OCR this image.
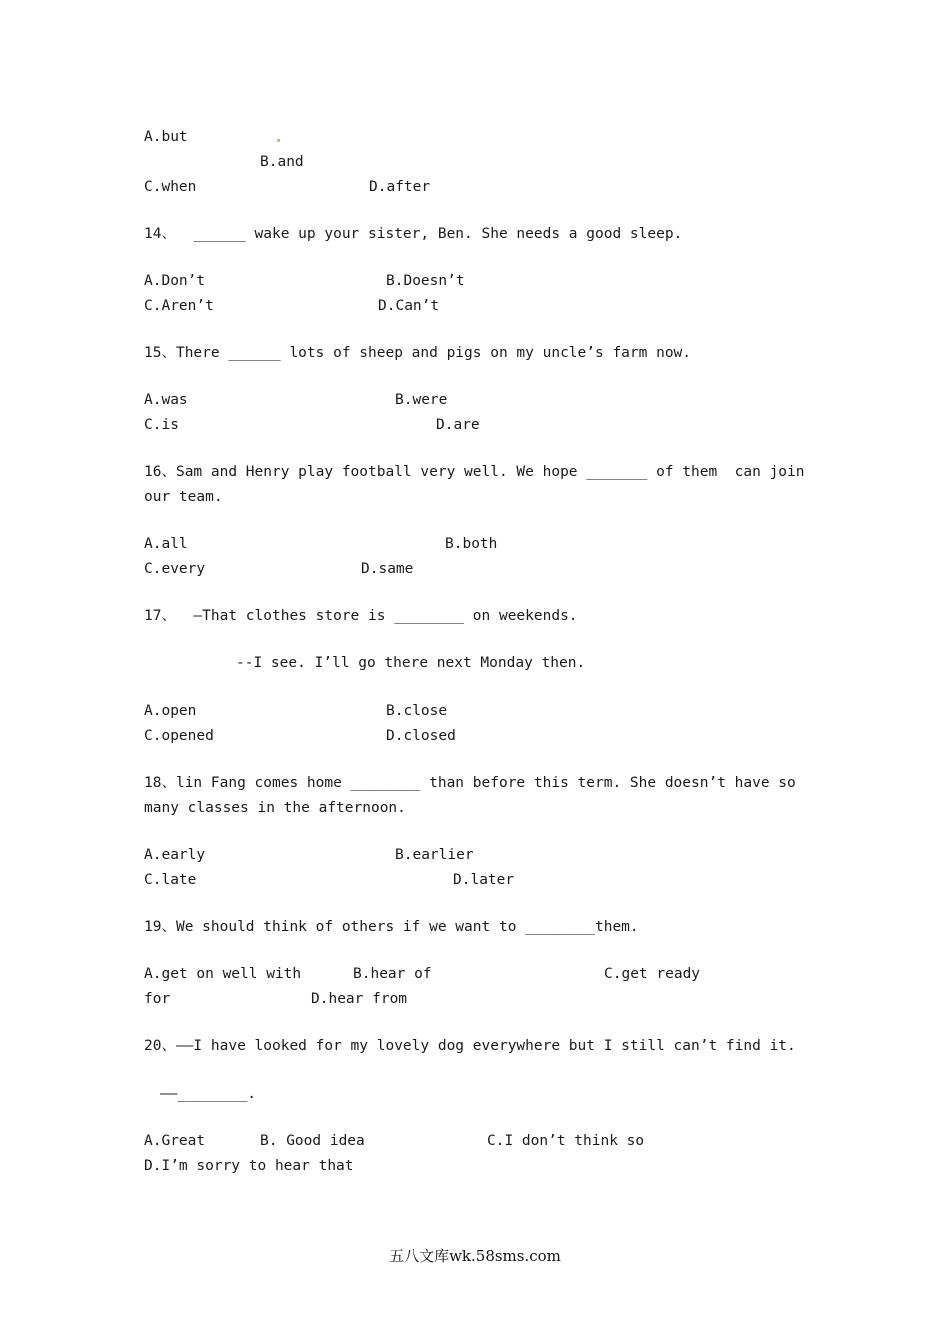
A.but
B.and
C.when	D.after
14、  ______ wake up your sister, Ben. She needs a good sleep.
A.Don’t	B.Doesn’t
C.Aren’t	D.Can’t
15、There ______ lots of sheep and pigs on my uncle’s farm now.
A.was	B.were
C.is	D.are
16、Sam and Henry play football very well. We hope _______ of them  can join
our team.
A.all	B.both
C.every	D.same
17、  –That clothes store is ________ on weekends.
--I see. I’ll go there next Monday then.
A.open	B.close
C.opened	D.closed
18、lin Fang comes home ________ than before this term. She doesn’t have so
many classes in the afternoon.
A.early	B.earlier
C.late	D.later
19、We should think of others if we want to ________them.
A.get on well with	B.hear of	C.get ready
for	D.hear from
20、——I have looked for my lovely dog everywhere but I still can’t find it.
——________.
A.Great	B. Good idea	C.I don’t think so
D.I’m sorry to hear that
五八文库wk.58sms.com
